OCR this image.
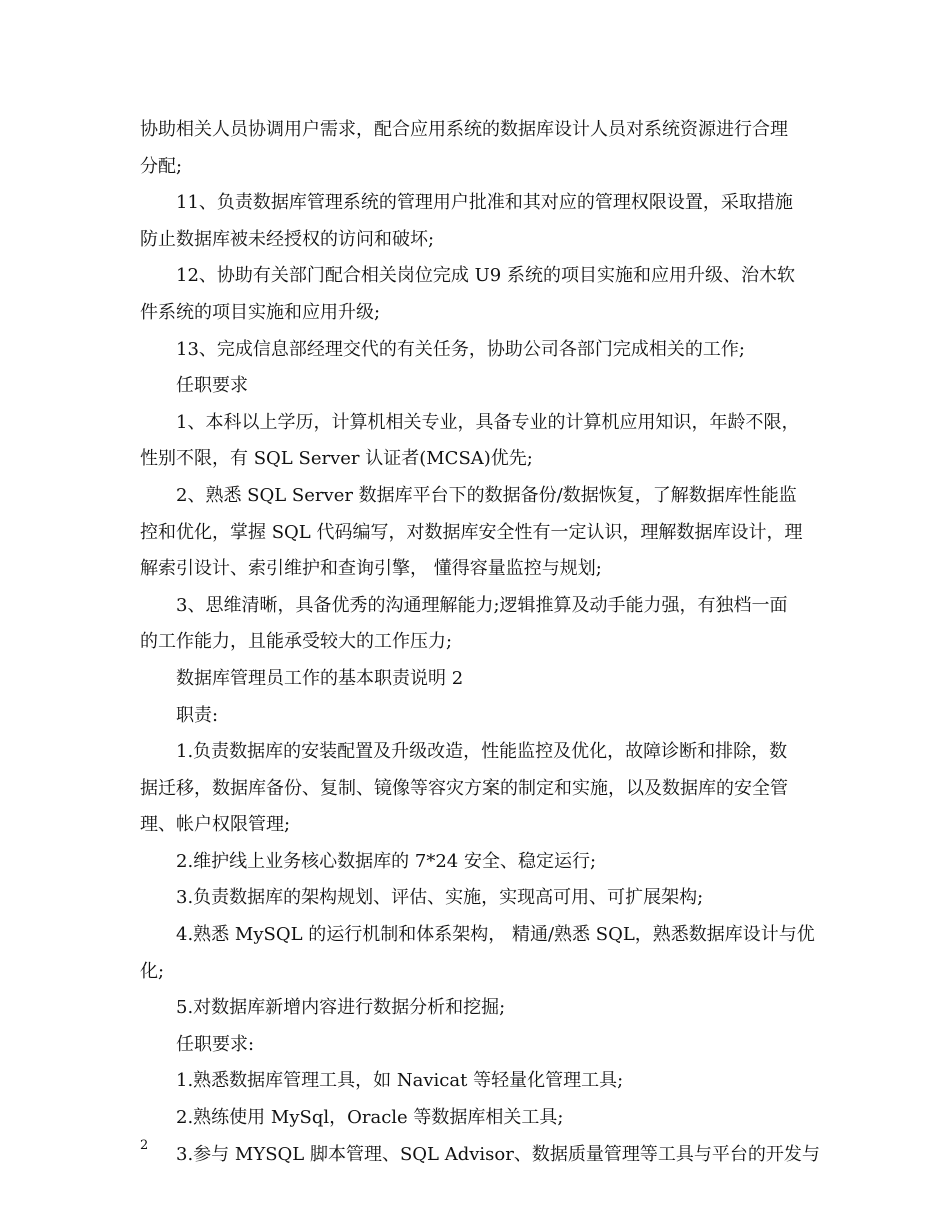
协助相关人员协调用户需求，配合应用系统的数据库设计人员对系统资源进行合理
分配;
11、负责数据库管理系统的管理用户批准和其对应的管理权限设置，采取措施
防止数据库被未经授权的访问和破坏;
12、协助有关部门配合相关岗位完成 U9 系统的项目实施和应用升级、治木软
件系统的项目实施和应用升级;
13、完成信息部经理交代的有关任务，协助公司各部门完成相关的工作;
任职要求
1、本科以上学历，计算机相关专业，具备专业的计算机应用知识，年龄不限，
性别不限，有 SQL Server 认证者(MCSA)优先;
2、熟悉 SQL Server 数据库平台下的数据备份/数据恢复，了解数据库性能监
控和优化，掌握 SQL 代码编写，对数据库安全性有一定认识，理解数据库设计，理
解索引设计、索引维护和查询引擎， 懂得容量监控与规划;
3、思维清晰，具备优秀的沟通理解能力;逻辑推算及动手能力强，有独档一面
的工作能力，且能承受较大的工作压力;
数据库管理员工作的基本职责说明 2
职责:
1.负责数据库的安装配置及升级改造，性能监控及优化，故障诊断和排除，数
据迁移，数据库备份、复制、镜像等容灾方案的制定和实施，以及数据库的安全管
理、帐户权限管理;
2.维护线上业务核心数据库的 7*24 安全、稳定运行;
3.负责数据库的架构规划、评估、实施，实现高可用、可扩展架构;
4.熟悉 MySQL 的运行机制和体系架构， 精通/熟悉 SQL，熟悉数据库设计与优
化;
5.对数据库新增内容进行数据分析和挖掘;
任职要求:
1.熟悉数据库管理工具，如 Navicat 等轻量化管理工具;
2.熟练使用 MySql，Oracle 等数据库相关工具;
3.参与 MYSQL 脚本管理、SQL Advisor、数据质量管理等工具与平台的开发与
2
